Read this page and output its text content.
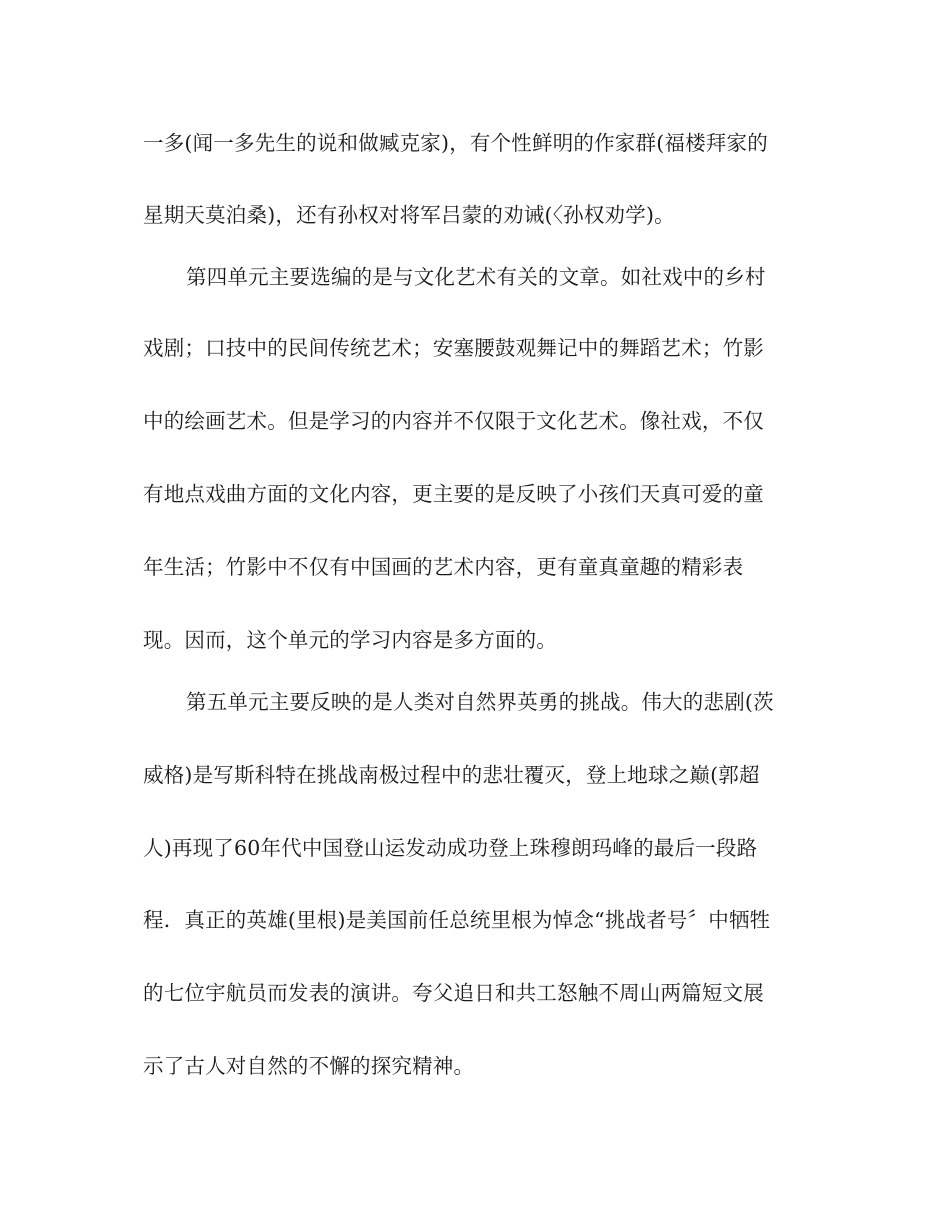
一多(闻一多先生的说和做臧克家)，有个性鲜明的作家群(福楼拜家的
星期天莫泊桑)，还有孙权对将军吕蒙的劝诫(〈孙权劝学)。
第四单元主要选编的是与文化艺术有关的文章。如社戏中的乡村
戏剧；口技中的民间传统艺术；安塞腰鼓观舞记中的舞蹈艺术；竹影
中的绘画艺术。但是学习的内容并不仅限于文化艺术。像社戏，不仅
有地点戏曲方面的文化内容，更主要的是反映了小孩们天真可爱的童
年生活；竹影中不仅有中国画的艺术内容，更有童真童趣的精彩表
现。因而，这个单元的学习内容是多方面的。
第五单元主要反映的是人类对自然界英勇的挑战。伟大的悲剧(茨
威格)是写斯科特在挑战南极过程中的悲壮覆灭，登上地球之巅(郭超
人)再现了60年代中国登山运发动成功登上珠穆朗玛峰的最后一段路
程．真正的英雄(里根)是美国前任总统里根为悼念“挑战者号〞中牺牲
的七位宇航员而发表的演讲。夸父追日和共工怒触不周山两篇短文展
示了古人对自然的不懈的探究精神。
